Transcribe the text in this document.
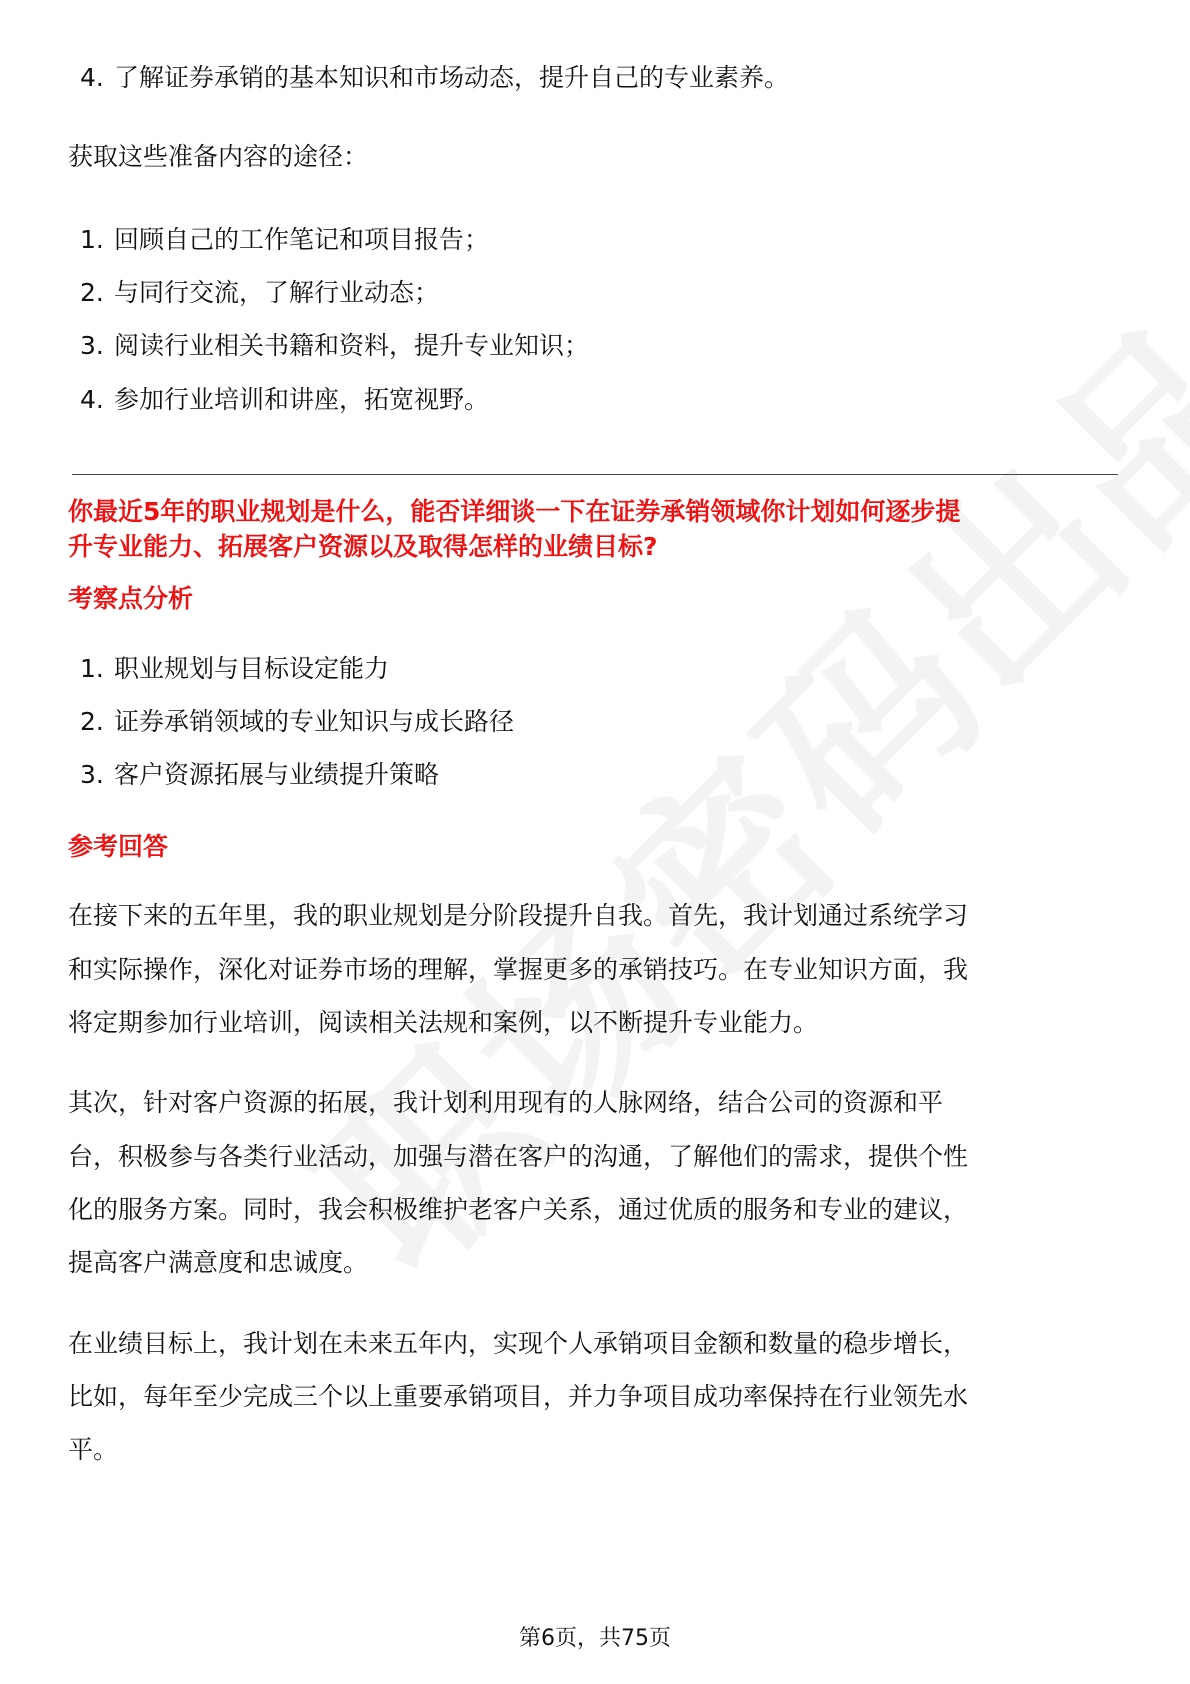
4. 了解证券承销的基本知识和市场动态，提升自己的专业素养。
获取这些准备内容的途径：
1. 回顾自己的工作笔记和项目报告；
2. 与同行交流，了解行业动态；
3. 阅读行业相关书籍和资料，提升专业知识；
4. 参加行业培训和讲座，拓宽视野。
你最近5年的职业规划是什么，能否详细谈一下在证券承销领域你计划如何逐步提
升专业能力、拓展客户资源以及取得怎样的业绩目标?
考察点分析
1. 职业规划与目标设定能力
2. 证券承销领域的专业知识与成长路径
3. 客户资源拓展与业绩提升策略
参考回答
在接下来的五年里，我的职业规划是分阶段提升自我。首先，我计划通过系统学习
和实际操作，深化对证券市场的理解，掌握更多的承销技巧。在专业知识方面，我
将定期参加行业培训，阅读相关法规和案例，以不断提升专业能力。
其次，针对客户资源的拓展，我计划利用现有的人脉网络，结合公司的资源和平
台，积极参与各类行业活动，加强与潜在客户的沟通，了解他们的需求，提供个性
化的服务方案。同时，我会积极维护老客户关系，通过优质的服务和专业的建议，
提高客户满意度和忠诚度。
在业绩目标上，我计划在未来五年内，实现个人承销项目金额和数量的稳步增长，
比如，每年至少完成三个以上重要承销项目，并力争项目成功率保持在行业领先水
平。
第6页，共75页
